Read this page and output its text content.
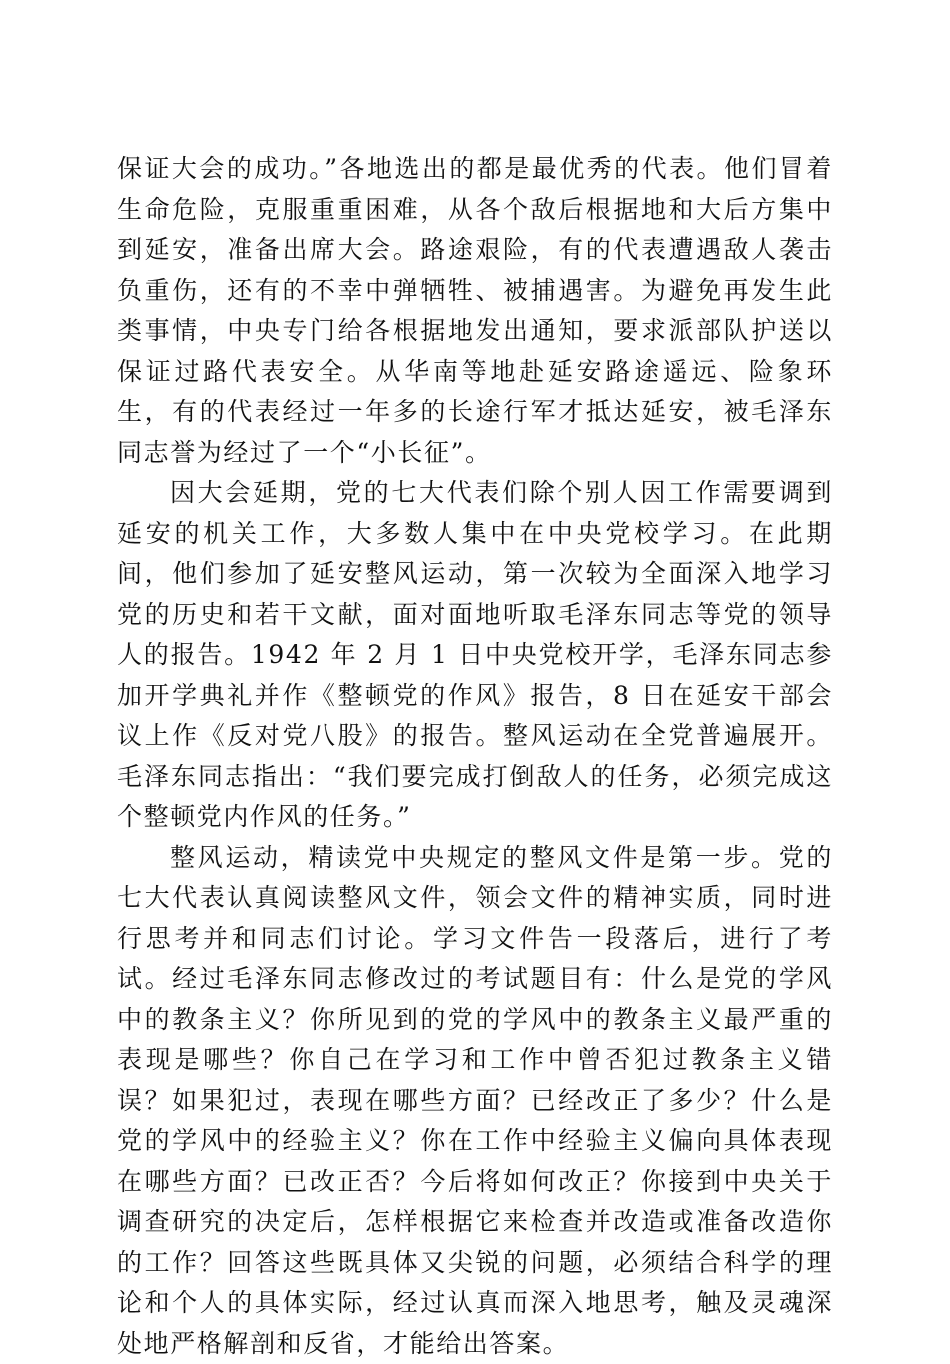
保证大会的成功。”各地选出的都是最优秀的代表。他们冒着生命危险，克服重重困难，从各个敌后根据地和大后方集中到延安，准备出席大会。路途艰险，有的代表遭遇敌人袭击负重伤，还有的不幸中弹牺牲、被捕遇害。为避免再发生此类事情，中央专门给各根据地发出通知，要求派部队护送以保证过路代表安全。从华南等地赴延安路途遥远、险象环生，有的代表经过一年多的长途行军才抵达延安，被毛泽东同志誉为经过了一个“小长征”。

因大会延期，党的七大代表们除个别人因工作需要调到延安的机关工作，大多数人集中在中央党校学习。在此期间，他们参加了延安整风运动，第一次较为全面深入地学习党的历史和若干文献，面对面地听取毛泽东同志等党的领导人的报告。1942 年 2 月 1 日中央党校开学，毛泽东同志参加开学典礼并作《整顿党的作风》报告，8 日在延安干部会议上作《反对党八股》的报告。整风运动在全党普遍展开。毛泽东同志指出：“我们要完成打倒敌人的任务，必须完成这个整顿党内作风的任务。”

整风运动，精读党中央规定的整风文件是第一步。党的七大代表认真阅读整风文件，领会文件的精神实质，同时进行思考并和同志们讨论。学习文件告一段落后，进行了考试。经过毛泽东同志修改过的考试题目有：什么是党的学风中的教条主义？你所见到的党的学风中的教条主义最严重的表现是哪些？你自己在学习和工作中曾否犯过教条主义错误？如果犯过，表现在哪些方面？已经改正了多少？什么是党的学风中的经验主义？你在工作中经验主义偏向具体表现在哪些方面？已改正否？今后将如何改正？你接到中央关于调查研究的决定后，怎样根据它来检查并改造或准备改造你的工作？回答这些既具体又尖锐的问题，必须结合科学的理论和个人的具体实际，经过认真而深入地思考，触及灵魂深处地严格解剖和反省，才能给出答案。
